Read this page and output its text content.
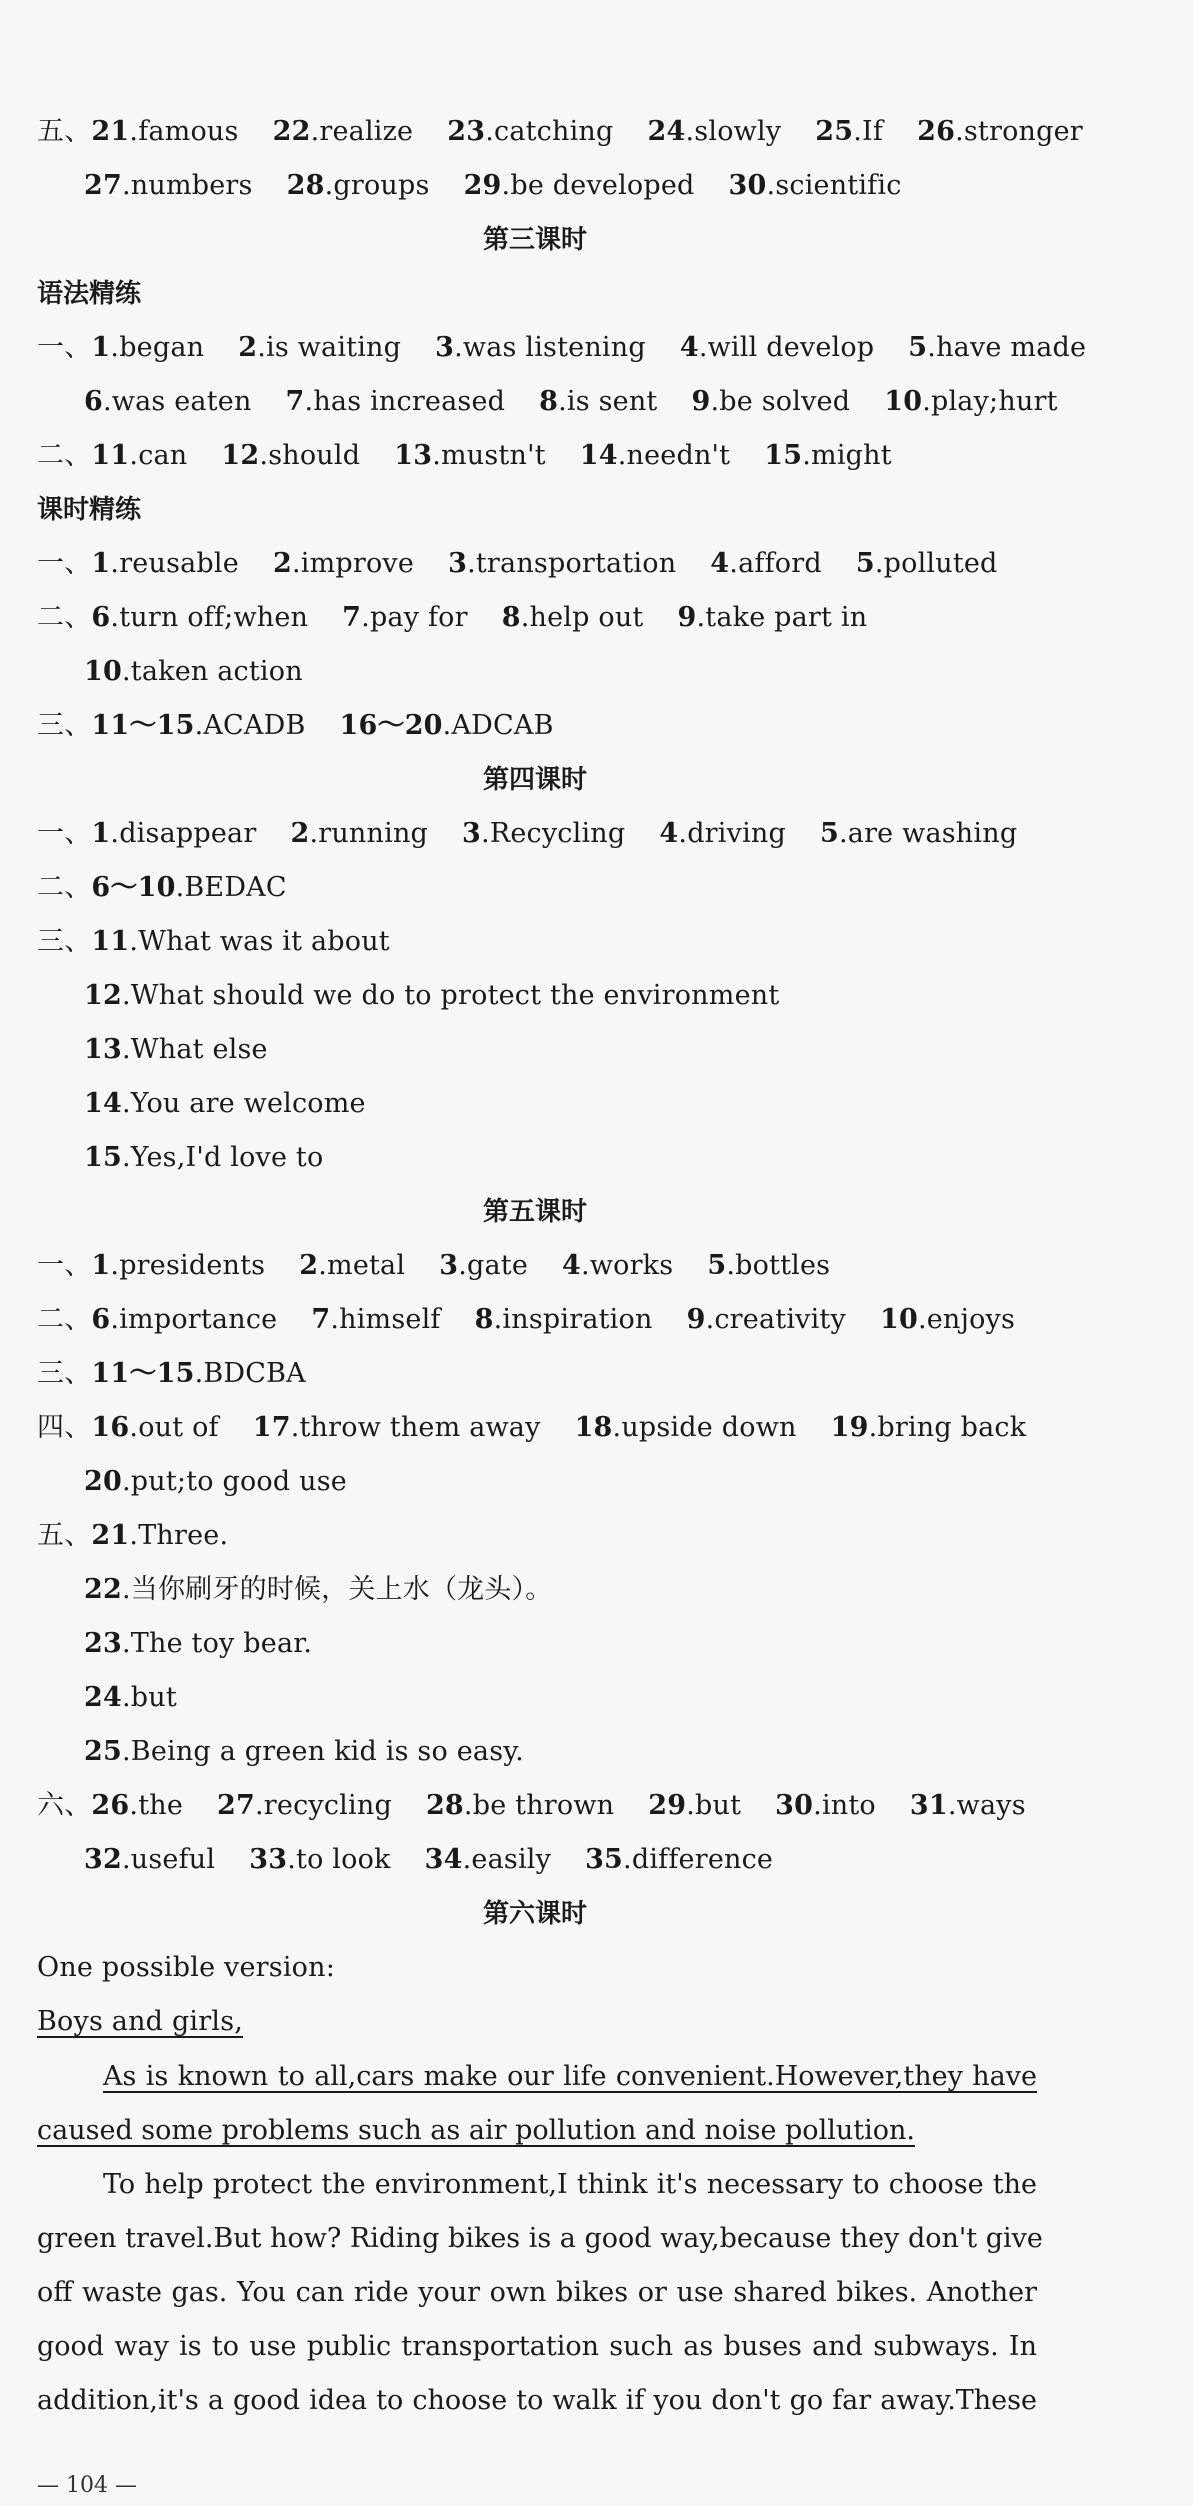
五、21.famous 22.realize 23.catching 24.slowly 25.If 26.stronger
27.numbers 28.groups 29.be developed 30.scientific
第三课时
语法精练
一、1.began 2.is waiting 3.was listening 4.will develop 5.have made
6.was eaten 7.has increased 8.is sent 9.be solved 10.play;hurt
二、11.can 12.should 13.mustn't 14.needn't 15.might
课时精练
一、1.reusable 2.improve 3.transportation 4.afford 5.polluted
二、6.turn off;when 7.pay for 8.help out 9.take part in
10.taken action
三、11～15.ACADB 16～20.ADCAB
第四课时
一、1.disappear 2.running 3.Recycling 4.driving 5.are washing
二、6～10.BEDAC
三、11.What was it about
12.What should we do to protect the environment
13.What else
14.You are welcome
15.Yes,I'd love to
第五课时
一、1.presidents 2.metal 3.gate 4.works 5.bottles
二、6.importance 7.himself 8.inspiration 9.creativity 10.enjoys
三、11～15.BDCBA
四、16.out of 17.throw them away 18.upside down 19.bring back
20.put;to good use
五、21.Three.
22.当你刷牙的时候，关上水（龙头）。
23.The toy bear.
24.but
25.Being a green kid is so easy.
六、26.the 27.recycling 28.be thrown 29.but 30.into 31.ways
32.useful 33.to look 34.easily 35.difference
第六课时
One possible version:
Boys and girls,
As is known to all,cars make our life convenient.However,they have
caused some problems such as air pollution and noise pollution.
To help protect the environment,I think it's necessary to choose the
green travel.But how? Riding bikes is a good way,because they don't give
off waste gas. You can ride your own bikes or use shared bikes. Another
good way is to use public transportation such as buses and subways. In
addition,it's a good idea to choose to walk if you don't go far away.These
— 104 —
